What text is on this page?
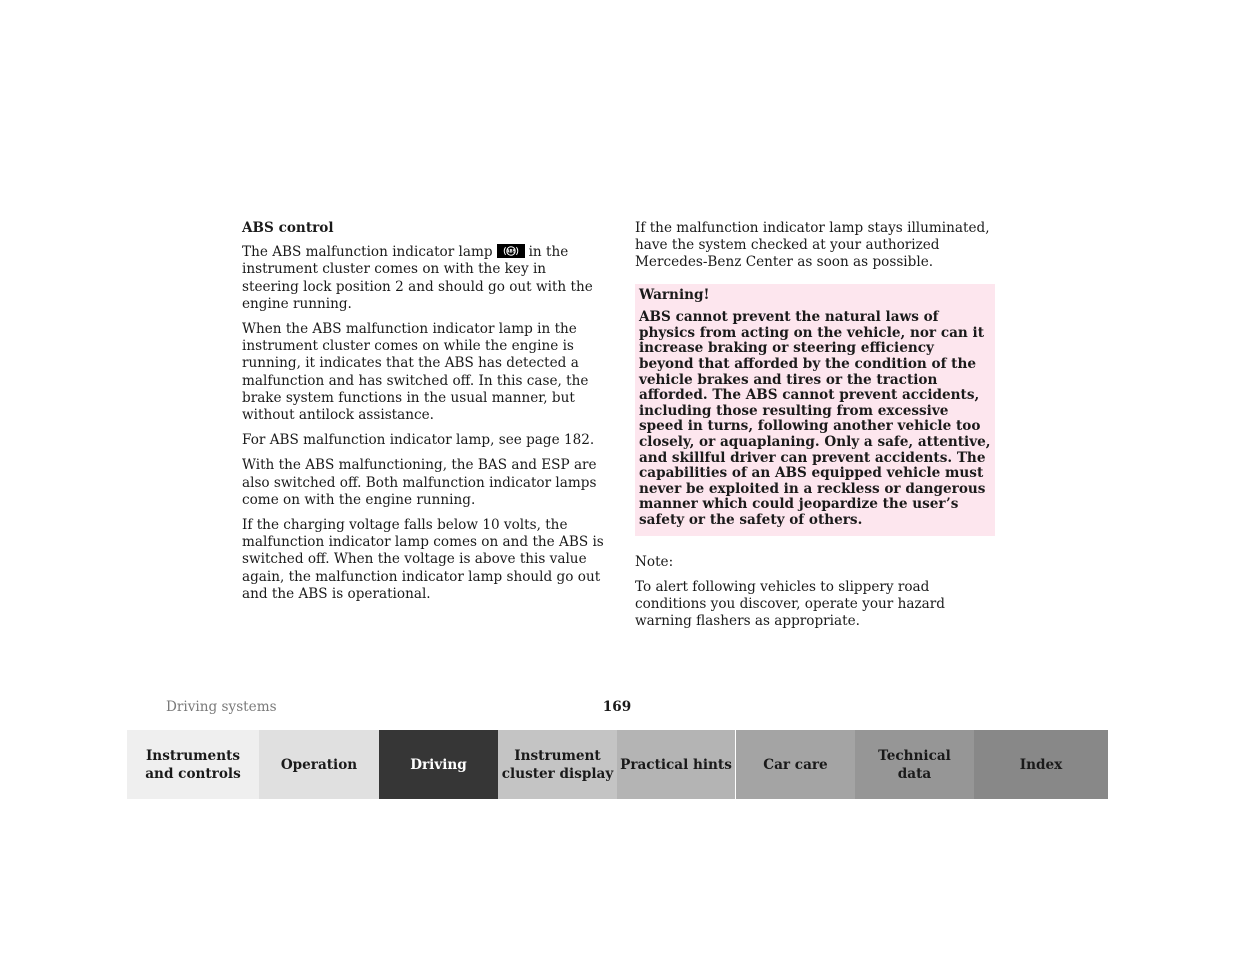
ABS control

The ABS malfunction indicator lamp	ABS in the instrument cluster comes on with the key in steering lock position 2 and should go out with the engine running.

When the ABS malfunction indicator lamp in the instrument cluster comes on while the engine is running, it indicates that the ABS has detected a malfunction and has switched off. In this case, the brake system functions in the usual manner, but without antilock assistance.

For ABS malfunction indicator lamp, see page 182.

With the ABS malfunctioning, the BAS and ESP are also switched off. Both malfunction indicator lamps come on with the engine running.

If the charging voltage falls below 10 volts, the malfunction indicator lamp comes on and the ABS is switched off. When the voltage is above this value again, the malfunction indicator lamp should go out and the ABS is operational.

If the malfunction indicator lamp stays illuminated, have the system checked at your authorized Mercedes-Benz Center as soon as possible.

Warning!

ABS cannot prevent the natural laws of physics from acting on the vehicle, nor can it increase braking or steering efficiency beyond that afforded by the condition of the vehicle brakes and tires or the traction afforded. The ABS cannot prevent accidents, including those resulting from excessive speed in turns, following another vehicle too closely, or aquaplaning. Only a safe, attentive, and skillful driver can prevent accidents. The capabilities of an ABS equipped vehicle must never be exploited in a reckless or dangerous manner which could jeopardize the user’s safety or the safety of others.

Note:

To alert following vehicles to slippery road conditions you discover, operate your hazard warning flashers as appropriate.

Driving systems	169
Instruments
and controls
Operation	Driving
Instrument
cluster display
Practical hints Car care
Technical
data
Index
